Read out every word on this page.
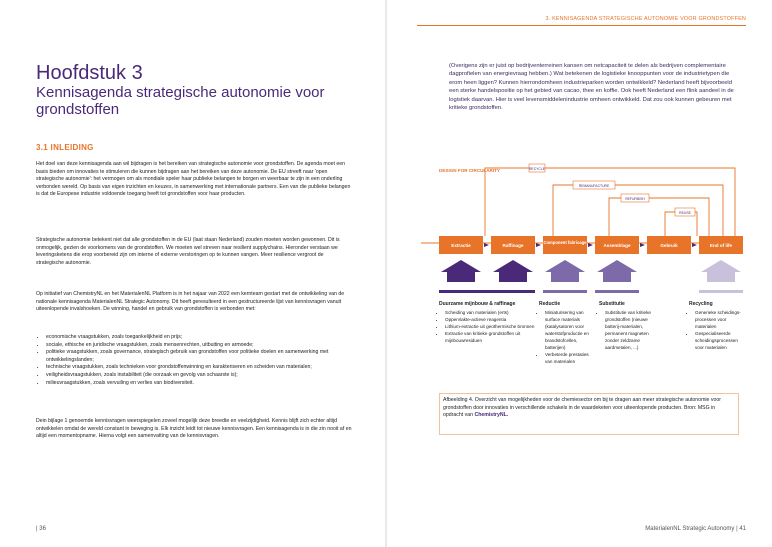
Hoofdstuk 3
Kennisagenda strategische autonomie voor grondstoffen
3.1 INLEIDING

Het doel van deze kennisagenda aan wil bijdragen is het bereiken van strategische autonomie voor grondstoffen. De agenda moet een basis bieden om innovaties te stimuleren die kunnen bijdragen aan het bereiken van deze autonomie. De EU streeft naar 'open strategische autonomie': het vermogen om als mondiale speler haar publieke belangen te borgen en weerbaar te zijn in een onderling verbonden wereld. Op basis van eigen inzichten en keuzes, in samenwerking met internationale partners. Een van die publieke belangen is dat de Europese industrie voldoende toegang heeft tot grondstoffen voor haar producten.

Strategische autonomie betekent niet dat alle grondstoffen in de EU (laat staan Nederland) zouden moeten worden gewonnen. Dit is onmogelijk, gezien de voorkomens van de grondstoffen. We moeten wel streven naar resilient supplychains. Hieronder verstaan we leveringsketens die erop voorbereid zijn om interne of externe verstoringen op te kunnen vangen. Meer resilience vergroot de strategische autonomie.

Op initiatief van ChemistryNL en het MaterialenNL Platform is in het najaar van 2022 een kernteam gestart met de ontwikkeling van de nationale kennisagenda MaterialenNL Strategic Autonomy. Dit heeft geresulteerd in een gestructureerde lijst van kennisvragen vanuit uiteenlopende invalshoeken. De winning, handel en gebruik van grondstoffen is verbonden met:

• economische vraagstukken, zoals toegankelijkheid en prijs;
• sociale, ethische en juridische vraagstukken, zoals mensenrechten, uitbuiting en armoede;
• politieke vraagstukken, zoals governance, strategisch gebruik van grondstoffen voor politieke doelen en samenwerking met ontwikkelingslanden;
• technische vraagstukken, zoals technieken voor grondstoffenwinning en karakteriseren en scheiden van materialen;
• veiligheidsvraagstukken, zoals instabiliteit (die oorzaak en gevolg van schaarste is);
• milieuvraagstukken, zoals vervuiling en verlies van biodiversiteit.

Dein bijlage 1 genoemde kennisvragen weerspiegelen zoveel mogelijk deze breedte en veelzijdigheid. Kennis blijft zich echter altijd ontwikkelen omdat de wereld constant in beweging is. Elk inzicht leidt tot nieuwe kennisvragen. Een kennisagenda is in die zin nooit af en altijd een momentopname. Hierna volgt een samenvatting van de kennisvragen.

| 36
3. KENNISAGENDA STRATEGISCHE AUTONOMIE VOOR GRONDSTOFFEN

(Overigens zijn er juist op bedrijventerreinen kansen om netcapaciteit te delen als bedrijven complementaire dagprofielen van energievraag hebben.) Wat betekenen de logistieke knooppunten voor de industrietypen die erom heen liggen? Kunnen hierrondomheen industrieparken worden ontwikkeld? Nederland heeft bijvoorbeeld een sterke handelspositie op het gebied van cacao, thee en koffie. Ook heeft Nederland een flink aandeel in de logistiek daarvan. Hier is veel levensmiddelenindustrie omheen ontwikkeld. Dat zou ook kunnen gebeuren met kritieke grondstoffen.

DESIGN FOR CIRCULARITY	RECYCLE
REMANUFACTURE
REFURBISH
REUSE
Extractie	Raffinage
Component fabricage
Assemblage	Gebruik	End of life
Duurzame mijnbouw & raffinage
• Scheiding van materialen (erts)
• Oppervlakte-actieve reagentia
• Lithium-extractie uit geothermische bronnen
• Extractie van kritieke grondstoffen uit mijnbouwresiduen
Reductie
• Miniaturisering van surface materials (katalysatoren voor waterstofproductie en brandstofcellen, batterijen)
• Verbeterde prestaties van materialen
Substitutie
• Substitutie van kritieke grondstoffen (nieuwe batterij-materialen, permanent magneten zonder zeldzame aardmetalen, ...)
Recycling
• Generieke scheidings-processen voor materialen
• Gespecialiseerde scheidingsprocessen voor materialen

Afbeelding 4. Overzicht van mogelijkheden voor de chemiesector om bij te dragen aan meer strategische autonomie voor grondstoffen door innovaties in verschillende schakels in de waardeketen voor uiteenlopende producten. Bron: MSG in opdracht van ChemistryNL.

MaterialenNL Strategic Autonomy | 41
